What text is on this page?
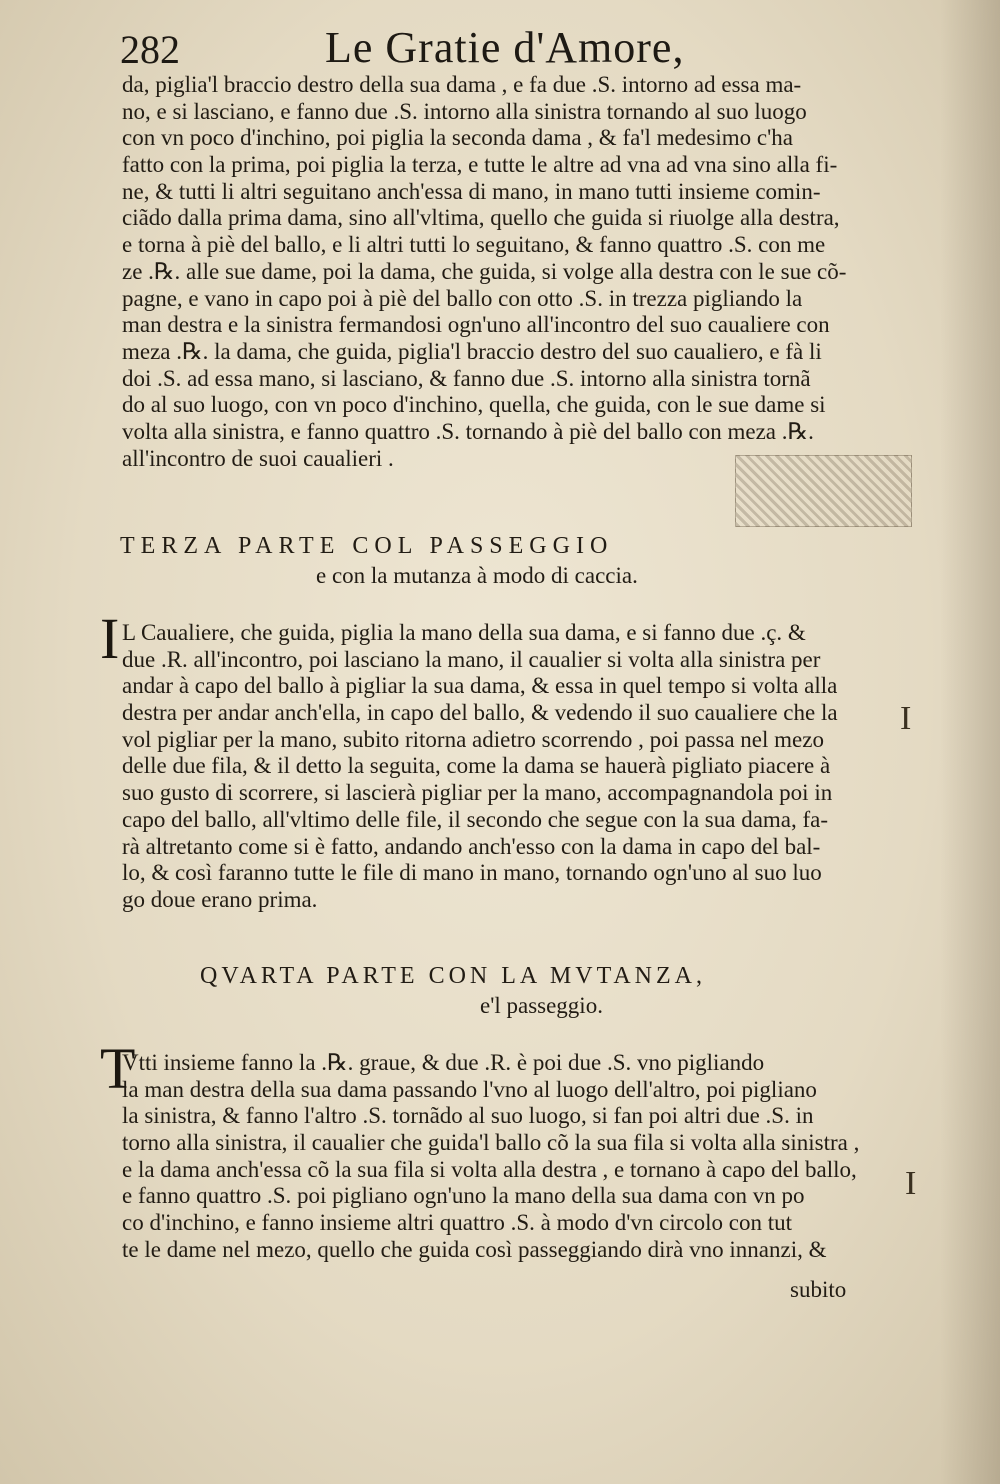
282	Le Gratie d'Amore,
da, piglia'l braccio destro della sua dama , e fa due .S. intorno ad essa ma-
no, e si lasciano, e fanno due .S. intorno alla sinistra tornando al suo luogo
con vn poco d'inchino, poi piglia la seconda dama , & fa'l medesimo c'ha
fatto con la prima, poi piglia la terza, e tutte le altre ad vna ad vna sino alla fi-
ne, & tutti li altri seguitano anch'essa di mano, in mano tutti insieme comin-
ciãdo dalla prima dama, sino all'vltima, quello che guida si riuolge alla destra,
e torna à piè del ballo, e li altri tutti lo seguitano, & fanno quattro .S. con me
ze .℞. alle sue dame, poi la dama, che guida, si volge alla destra con le sue cõ-
pagne, e vano in capo poi à piè del ballo con otto .S. in trezza pigliando la
man destra e la sinistra fermandosi ogn'uno all'incontro del suo caualiere con
meza .℞. la dama, che guida, piglia'l braccio destro del suo caualiero, e fà li
doi .S. ad essa mano, si lasciano, & fanno due .S. intorno alla sinistra tornã
do al suo luogo, con vn poco d'inchino, quella, che guida, con le sue dame si
volta alla sinistra, e fanno quattro .S. tornando à piè del ballo con meza .℞.
all'incontro de suoi caualieri .
TERZA PARTE COL PASSEGGIO
e con la mutanza à modo di caccia.
I L Caualiere, che guida, piglia la mano della sua dama, e si fanno due .ç. &
due .R. all'incontro, poi lasciano la mano, il caualier si volta alla sinistra per
andar à capo del ballo à pigliar la sua dama, & essa in quel tempo si volta alla
destra per andar anch'ella, in capo del ballo, & vedendo il suo caualiere che la
vol pigliar per la mano, subito ritorna adietro scorrendo , poi passa nel mezo
delle due fila, & il detto la seguita, come la dama se hauerà pigliato piacere à
suo gusto di scorrere, si lascierà pigliar per la mano, accompagnandola poi in
capo del ballo, all'vltimo delle file, il secondo che segue con la sua dama, fa-
rà altretanto come si è fatto, andando anch'esso con la dama in capo del bal-
lo, & così faranno tutte le file di mano in mano, tornando ogn'uno al suo luo
go doue erano prima.
QVARTA PARTE CON LA MVTANZA,
e'l passeggio.
T
Vtti insieme fanno la .℞. graue, & due .R. è poi due .S. vno pigliando
la man destra della sua dama passando l'vno al luogo dell'altro, poi pigliano
la sinistra, & fanno l'altro .S. tornãdo al suo luogo, si fan poi altri due .S. in
torno alla sinistra, il caualier che guida'l ballo cõ la sua fila si volta alla sinistra ,
e la dama anch'essa cõ la sua fila si volta alla destra , e tornano à capo del ballo,
e fanno quattro .S. poi pigliano ogn'uno la mano della sua dama con vn po
co d'inchino, e fanno insieme altri quattro .S. à modo d'vn circolo con tut
te le dame nel mezo, quello che guida così passeggiando dirà vno innanzi, &
subito
I
I
